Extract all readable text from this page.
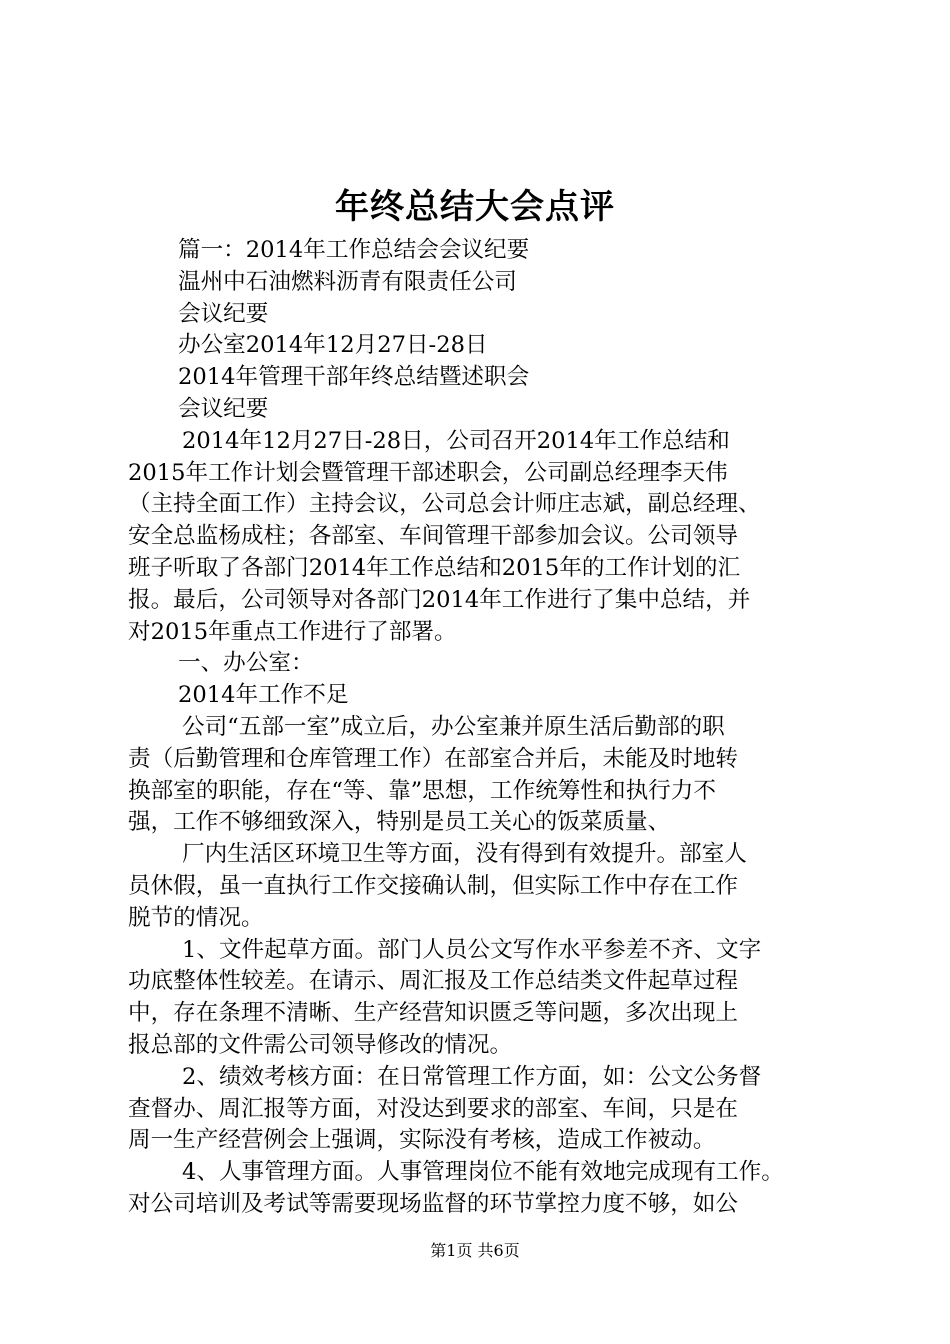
年终总结大会点评
篇一：2014年工作总结会会议纪要
温州中石油燃料沥青有限责任公司
会议纪要
办公室2014年12月27日-28日
2014年管理干部年终总结暨述职会
会议纪要
2014年12月27日-28日，公司召开2014年工作总结和
2015年工作计划会暨管理干部述职会，公司副总经理李天伟
（主持全面工作）主持会议，公司总会计师庄志斌，副总经理、
安全总监杨成柱；各部室、车间管理干部参加会议。公司领导
班子听取了各部门2014年工作总结和2015年的工作计划的汇
报。最后，公司领导对各部门2014年工作进行了集中总结，并
对2015年重点工作进行了部署。
一、办公室：
2014年工作不足
公司“五部一室”成立后，办公室兼并原生活后勤部的职
责（后勤管理和仓库管理工作）在部室合并后，未能及时地转
换部室的职能，存在“等、靠”思想，工作统筹性和执行力不
强，工作不够细致深入，特别是员工关心的饭菜质量、
厂内生活区环境卫生等方面，没有得到有效提升。部室人
员休假，虽一直执行工作交接确认制，但实际工作中存在工作
脱节的情况。
1、文件起草方面。部门人员公文写作水平参差不齐、文字
功底整体性较差。在请示、周汇报及工作总结类文件起草过程
中，存在条理不清晰、生产经营知识匮乏等问题，多次出现上
报总部的文件需公司领导修改的情况。
2、绩效考核方面：在日常管理工作方面，如：公文公务督
查督办、周汇报等方面，对没达到要求的部室、车间，只是在
周一生产经营例会上强调，实际没有考核，造成工作被动。
4、人事管理方面。人事管理岗位不能有效地完成现有工作。
对公司培训及考试等需要现场监督的环节掌控力度不够，如公
第1页 共6页
